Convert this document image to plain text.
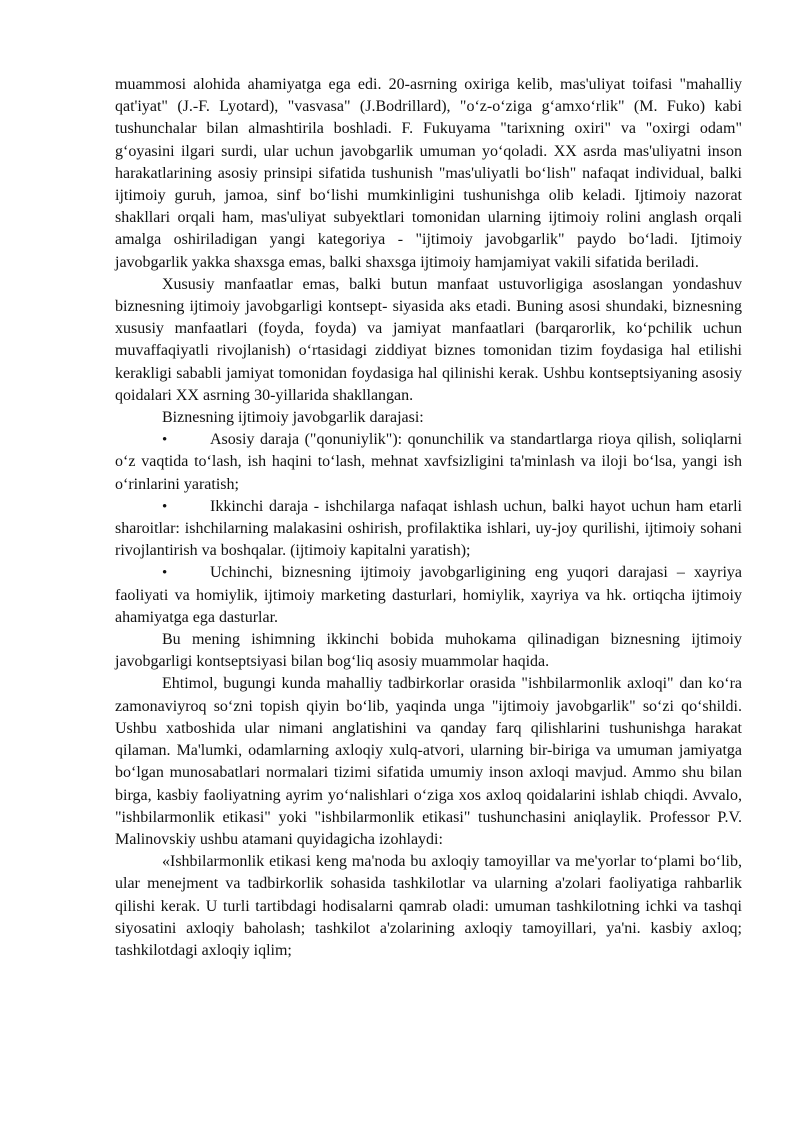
muammosi alohida ahamiyatga ega edi. 20-asrning oxiriga kelib, mas'uliyat toifasi "mahalliy qat'iyat" (J.-F. Lyotard), "vasvasa" (J.Bodrillard), "o‘z-o‘ziga g‘amxo‘rlik" (M. Fuko) kabi tushunchalar bilan almashtirila boshladi. F. Fukuyama "tarixning oxiri" va "oxirgi odam" g‘oyasini ilgari surdi, ular uchun javobgarlik umuman yo‘qoladi. XX asrda mas'uliyatni inson harakatlarining asosiy prinsipi sifatida tushunish "mas'uliyatli bo‘lish" nafaqat individual, balki ijtimoiy guruh, jamoa, sinf bo‘lishi mumkinligini tushunishga olib keladi. Ijtimoiy nazorat shakllari orqali ham, mas'uliyat subyektlari tomonidan ularning ijtimoiy rolini anglash orqali amalga oshiriladigan yangi kategoriya - "ijtimoiy javobgarlik" paydo bo‘ladi. Ijtimoiy javobgarlik yakka shaxsga emas, balki shaxsga ijtimoiy hamjamiyat vakili sifatida beriladi.

Xususiy manfaatlar emas, balki butun manfaat ustuvorligiga asoslangan yondashuv biznesning ijtimoiy javobgarligi kontsept- siyasida aks etadi. Buning asosi shundaki, biznesning xususiy manfaatlari (foyda, foyda) va jamiyat manfaatlari (barqarorlik, ko‘pchilik uchun muvaffaqiyatli rivojlanish) o‘rtasidagi ziddiyat biznes tomonidan tizim foydasiga hal etilishi kerakligi sababli jamiyat tomonidan foydasiga hal qilinishi kerak. Ushbu kontseptsiyaning asosiy qoidalari XX asrning 30-yillarida shakllangan.

Biznesning ijtimoiy javobgarlik darajasi:

•	Asosiy daraja ("qonuniylik"): qonunchilik va standartlarga rioya qilish, soliqlarni o‘z vaqtida to‘lash, ish haqini to‘lash, mehnat xavfsizligini ta'minlash va iloji bo‘lsa, yangi ish o‘rinlarini yaratish;

•	Ikkinchi daraja - ishchilarga nafaqat ishlash uchun, balki hayot uchun ham etarli sharoitlar: ishchilarning malakasini oshirish, profilaktika ishlari, uy-joy qurilishi, ijtimoiy sohani rivojlantirish va boshqalar. (ijtimoiy kapitalni yaratish);

•	Uchinchi, biznesning ijtimoiy javobgarligining eng yuqori darajasi – xayriya faoliyati va homiylik, ijtimoiy marketing dasturlari, homiylik, xayriya va hk. ortiqcha ijtimoiy ahamiyatga ega dasturlar.

Bu mening ishimning ikkinchi bobida muhokama qilinadigan biznesning ijtimoiy javobgarligi kontseptsiyasi bilan bog‘liq asosiy muammolar haqida.

Ehtimol, bugungi kunda mahalliy tadbirkorlar orasida "ishbilarmonlik axloqi" dan ko‘ra zamonaviyroq so‘zni topish qiyin bo‘lib, yaqinda unga "ijtimoiy javobgarlik" so‘zi qo‘shildi. Ushbu xatboshida ular nimani anglatishini va qanday farq qilishlarini tushunishga harakat qilaman. Ma'lumki, odamlarning axloqiy xulq-atvori, ularning bir-biriga va umuman jamiyatga bo‘lgan munosabatlari normalari tizimi sifatida umumiy inson axloqi mavjud. Ammo shu bilan birga, kasbiy faoliyatning ayrim yo‘nalishlari o‘ziga xos axloq qoidalarini ishlab chiqdi. Avvalo, "ishbilarmonlik etikasi" yoki "ishbilarmonlik etikasi" tushunchasini aniqlaylik. Professor P.V. Malinovskiy ushbu atamani quyidagicha izohlaydi:

«Ishbilarmonlik etikasi keng ma'noda bu axloqiy tamoyillar va me'yorlar to‘plami bo‘lib, ular menejment va tadbirkorlik sohasida tashkilotlar va ularning a'zolari faoliyatiga rahbarlik qilishi kerak. U turli tartibdagi hodisalarni qamrab oladi: umuman tashkilotning ichki va tashqi siyosatini axloqiy baholash; tashkilot a'zolarining axloqiy tamoyillari, ya'ni. kasbiy axloq; tashkilotdagi axloqiy iqlim;
